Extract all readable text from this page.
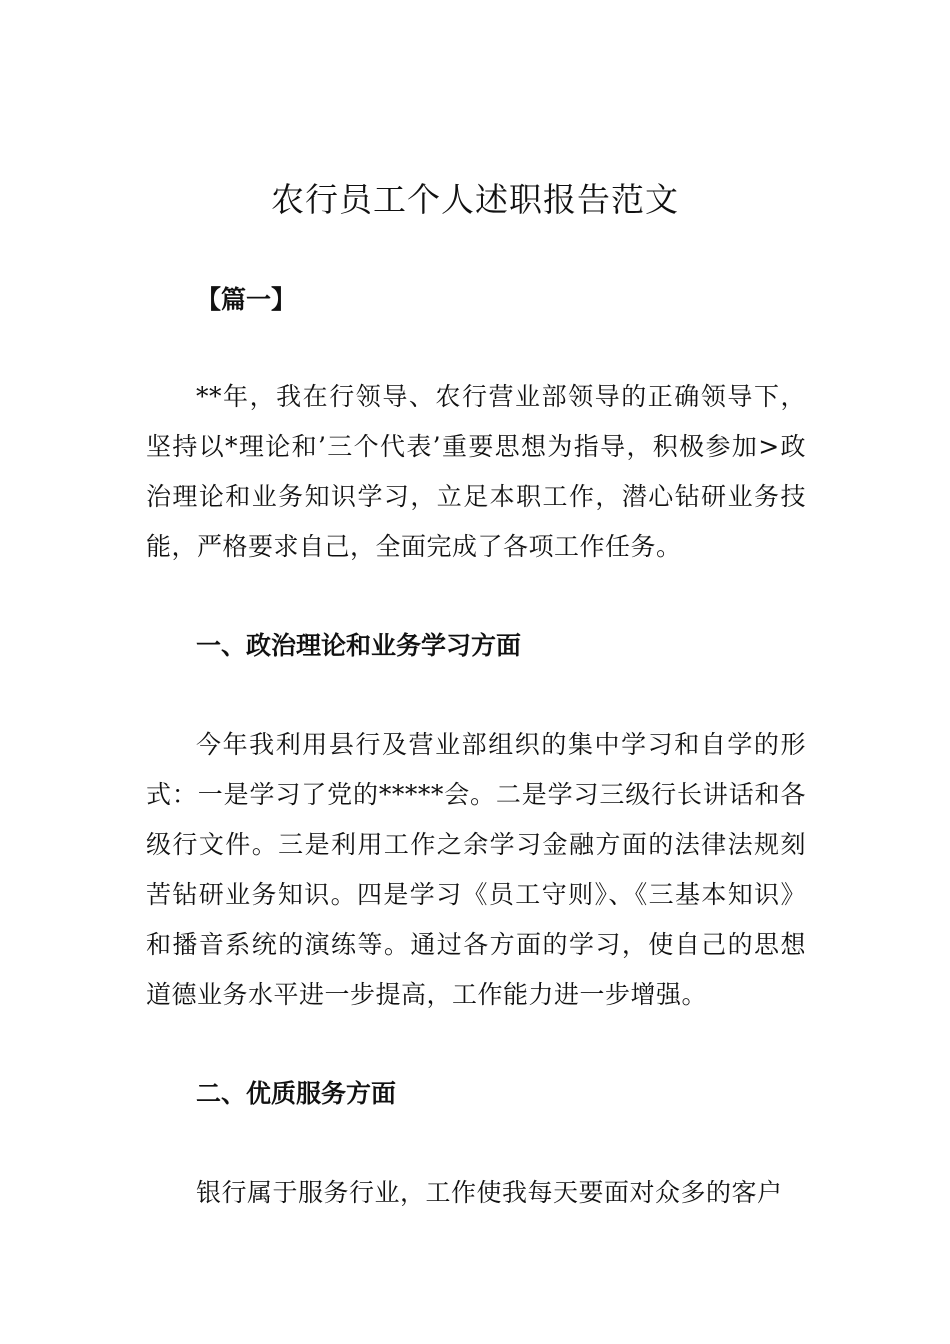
农行员工个人述职报告范文
【篇一】

**年，我在行领导、农行营业部领导的正确领导下，坚持以*理论和’三个代表’重要思想为指导，积极参加>政治理论和业务知识学习，立足本职工作，潜心钻研业务技能，严格要求自己，全面完成了各项工作任务。

一、政治理论和业务学习方面

今年我利用县行及营业部组织的集中学习和自学的形式：一是学习了党的*****会。二是学习三级行长讲话和各级行文件。三是利用工作之余学习金融方面的法律法规刻苦钻研业务知识。四是学习《员工守则》、《三基本知识》和播音系统的演练等。通过各方面的学习，使自己的思想道德业务水平进一步提高，工作能力进一步增强。

二、优质服务方面

银行属于服务行业，工作使我每天要面对众多的客户
